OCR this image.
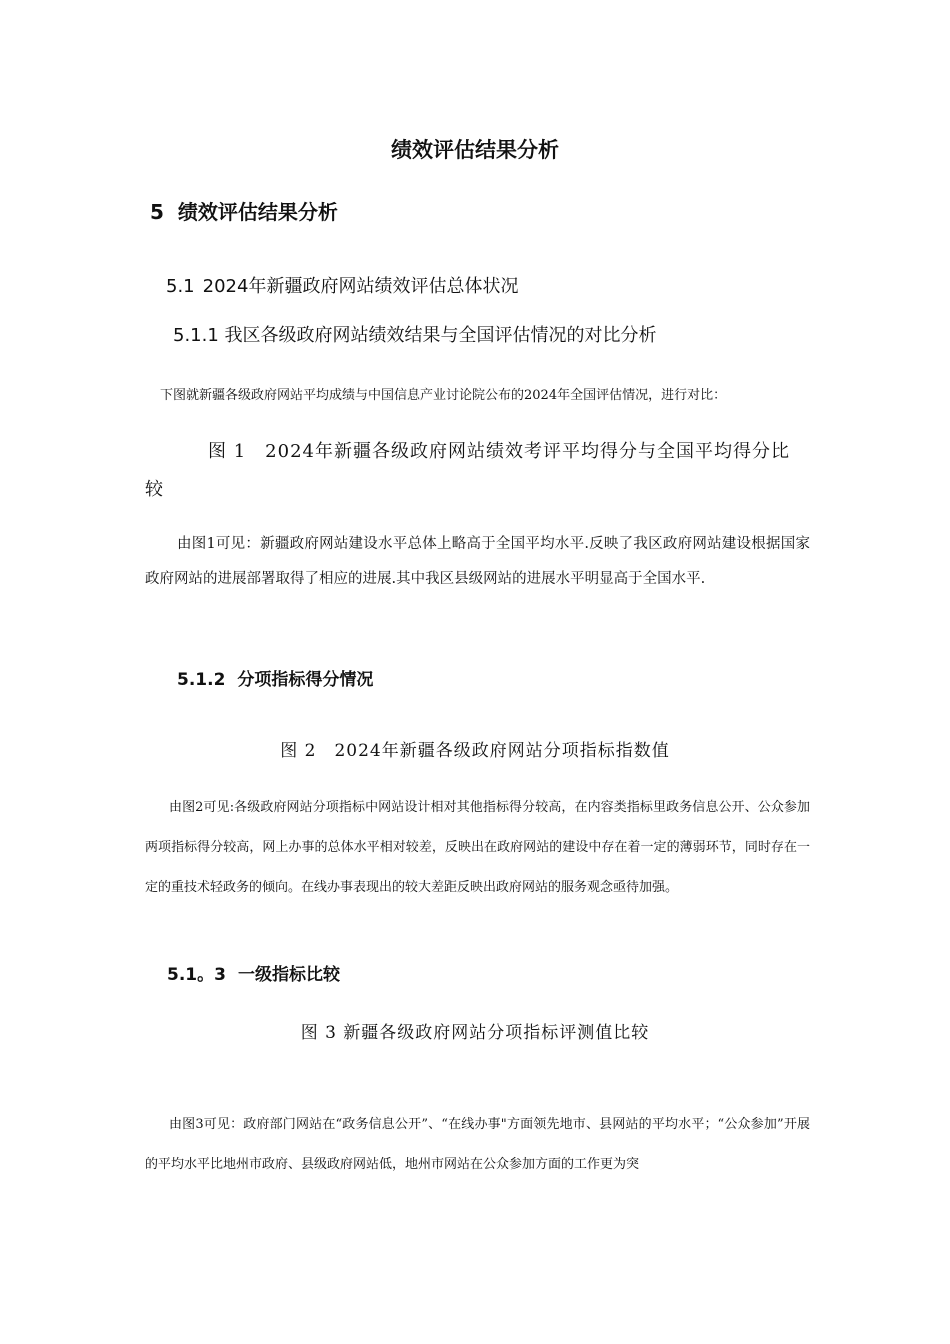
绩效评估结果分析
5 绩效评估结果分析
5.1 2024年新疆政府网站绩效评估总体状况
5.1.1 我区各级政府网站绩效结果与全国评估情况的对比分析
下图就新疆各级政府网站平均成绩与中国信息产业讨论院公布的2024年全国评估情况，进行对比：
图 1　2024年新疆各级政府网站绩效考评平均得分与全国平均得分比
较
由图1可见：新疆政府网站建设水平总体上略高于全国平均水平.反映了我区政府网站建设根据国家政府网站的进展部署取得了相应的进展.其中我区县级网站的进展水平明显高于全国水平.
5.1.2 分项指标得分情况
图 2　2024年新疆各级政府网站分项指标指数值
由图2可见:各级政府网站分项指标中网站设计相对其他指标得分较高，在内容类指标里政务信息公开、公众参加两项指标得分较高，网上办事的总体水平相对较差，反映出在政府网站的建设中存在着一定的薄弱环节，同时存在一定的重技术轻政务的倾向。在线办事表现出的较大差距反映出政府网站的服务观念亟待加强。
5.1。3 一级指标比较
图 3 新疆各级政府网站分项指标评测值比较
由图3可见：政府部门网站在“政务信息公开”、“在线办事"方面领先地市、县网站的平均水平；“公众参加”开展的平均水平比地州市政府、县级政府网站低，地州市网站在公众参加方面的工作更为突
